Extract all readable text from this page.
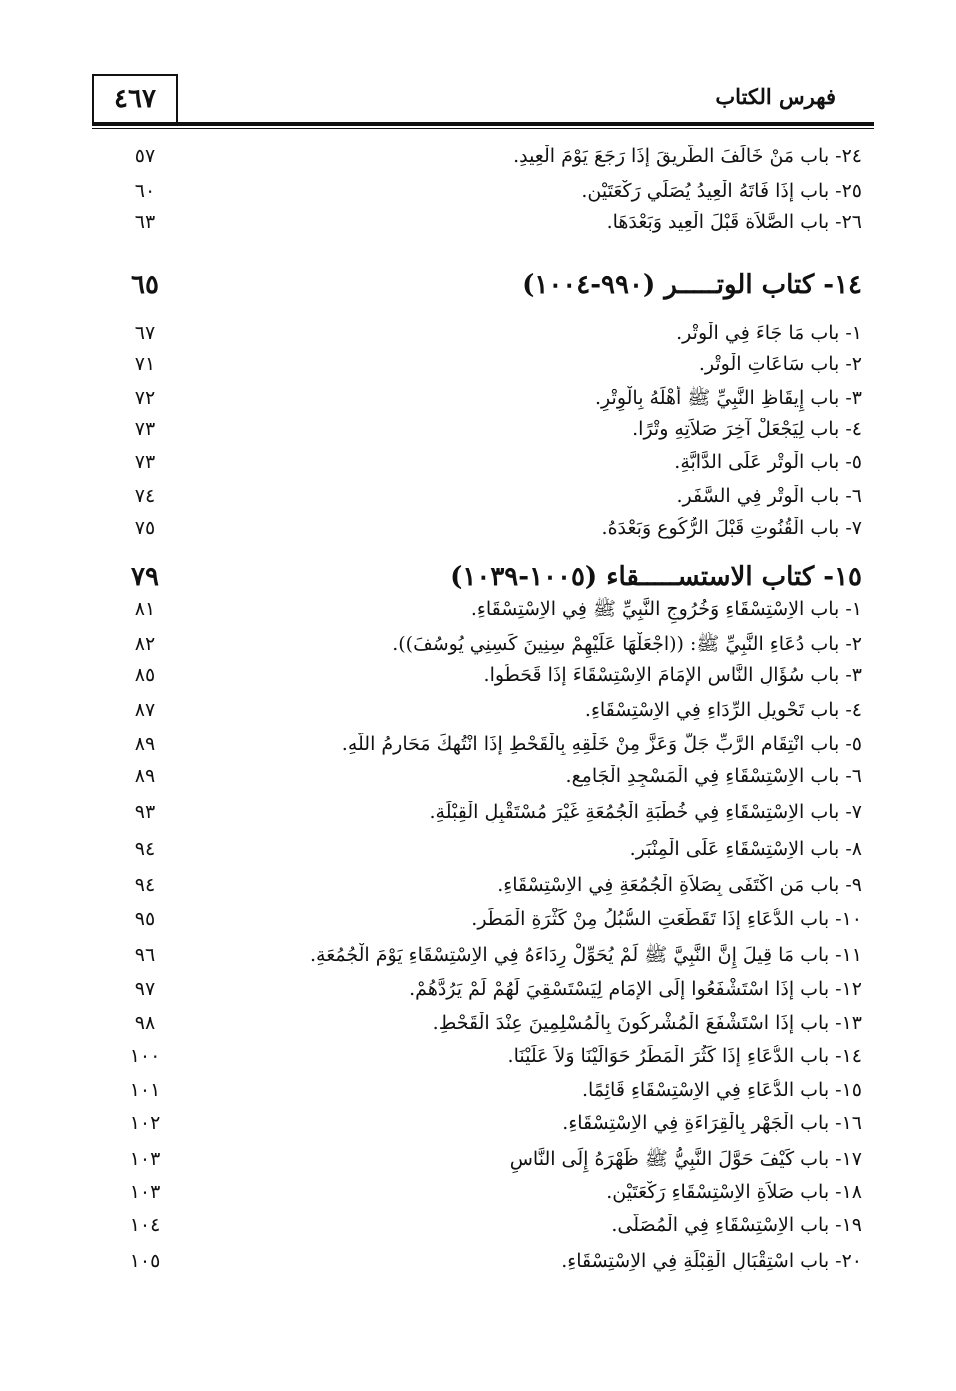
٤٦٧	فهرس الكتاب
٢٤- باب مَنْ خَالَفَ الطَّرِيقَ إِذَا رَجَعَ يَوْمَ الْعِيدِ.
٥٧
٢٥- باب إِذَا فَاتَهُ الْعِيدُ يُصَلِّي رَكْعَتَيْنِ.
٦٠
٢٦- باب الصَّلاَة قَبْلَ الْعِيد وَبَعْدَهَا.
٦٣
١٤- كتاب الوتـــــر (٩٩٠-١٠٠٤)
٦٥
١- باب مَا جَاءَ فِي الْوِتْرِ.
٦٧
٢- باب سَاعَاتِ الْوِتْرِ.
٧١
٣- باب إِيقَاظِ النَّبِيِّ ﷺ أَهْلَهُ بِالْوِتْرِ.
٧٢
٤- باب لِيَجْعَلْ آخِرَ صَلاَتِهِ وِتْرًا.
٧٣
٥- باب الْوِتْرِ عَلَى الدَّابَّةِ.
٧٣
٦- باب الْوِتْرِ فِي السَّفَرِ.
٧٤
٧- باب الْقُنُوتِ قَبْلَ الرُّكُوعِ وَبَعْدَهُ.
٧٥
١٥- كتاب الاستســـــقاء (١٠٠٥-١٠٣٩)
٧٩
١- باب الاِسْتِسْقَاءِ وَخُرُوجِ النَّبِيِّ ﷺ فِي الاِسْتِسْقَاءِ.
٨١
٢- باب دُعَاءِ النَّبِيِّ ﷺ: ((اجْعَلْهَا عَلَيْهِمْ سِنِينَ كَسِنِي يُوسُفَ)).
٨٢
٣- باب سُؤَالِ النَّاسِ الإِمَامَ الاِسْتِسْقَاءَ إِذَا قَحَطُوا.
٨٥
٤- باب تَحْوِيلِ الرِّدَاءِ فِي الاِسْتِسْقَاءِ.
٨٧
٥- باب انْتِقَامِ الرَّبِّ جَلَّ وَعَزَّ مِنْ خَلْقِهِ بِالْقَحْطِ إِذَا انْتُهِكَ مَحَارِمُ اللَّهِ.
٨٩
٦- باب الاِسْتِسْقَاءِ فِي الْمَسْجِدِ الْجَامِعِ.
٨٩
٧- باب الاِسْتِسْقَاءِ فِي خُطْبَةِ الْجُمُعَةِ غَيْرَ مُسْتَقْبِلِ الْقِبْلَةِ.
٩٣
٨- باب الاِسْتِسْقَاءِ عَلَى الْمِنْبَرِ.
٩٤
٩- باب مَنِ اكْتَفَى بِصَلاَةِ الْجُمُعَةِ فِي الاِسْتِسْقَاءِ.
٩٤
١٠- باب الدُّعَاءِ إِذَا تَقَطَّعَتِ السُّبُلُ مِنْ كَثْرَةِ الْمَطَرِ.
٩٥
١١- باب مَا قِيلَ إِنَّ النَّبِيَّ ﷺ لَمْ يُحَوِّلْ رِدَاءَهُ فِي الاِسْتِسْقَاءِ يَوْمَ الْجُمُعَةِ.
٩٦
١٢- باب إِذَا اسْتَشْفَعُوا إِلَى الإِمَامِ لِيَسْتَسْقِيَ لَهُمْ لَمْ يَرُدَّهُمْ.
٩٧
١٣- باب إِذَا اسْتَشْفَعَ الْمُشْرِكُونَ بِالْمُسْلِمِينَ عِنْدَ الْقَحْطِ.
٩٨
١٤- باب الدُّعَاءِ إِذَا كَثُرَ الْمَطَرُ حَوَالَيْنَا وَلاَ عَلَيْنَا.
١٠٠
١٥- باب الدُّعَاءِ فِي الاِسْتِسْقَاءِ قَائِمًا.
١٠١
١٦- باب الْجَهْرِ بِالْقِرَاءَةِ فِي الاِسْتِسْقَاءِ.
١٠٢
١٧- باب كَيْفَ حَوَّلَ النَّبِيُّ ﷺ ظَهْرَهُ إِلَى النَّاسِ
١٠٣
١٨- باب صَلاَةِ الاِسْتِسْقَاءِ رَكْعَتَيْنِ.
١٠٣
١٩- باب الاِسْتِسْقَاءِ فِي الْمُصَلَّى.
١٠٤
٢٠- باب اسْتِقْبَالِ الْقِبْلَةِ فِي الاِسْتِسْقَاءِ.
١٠٥
